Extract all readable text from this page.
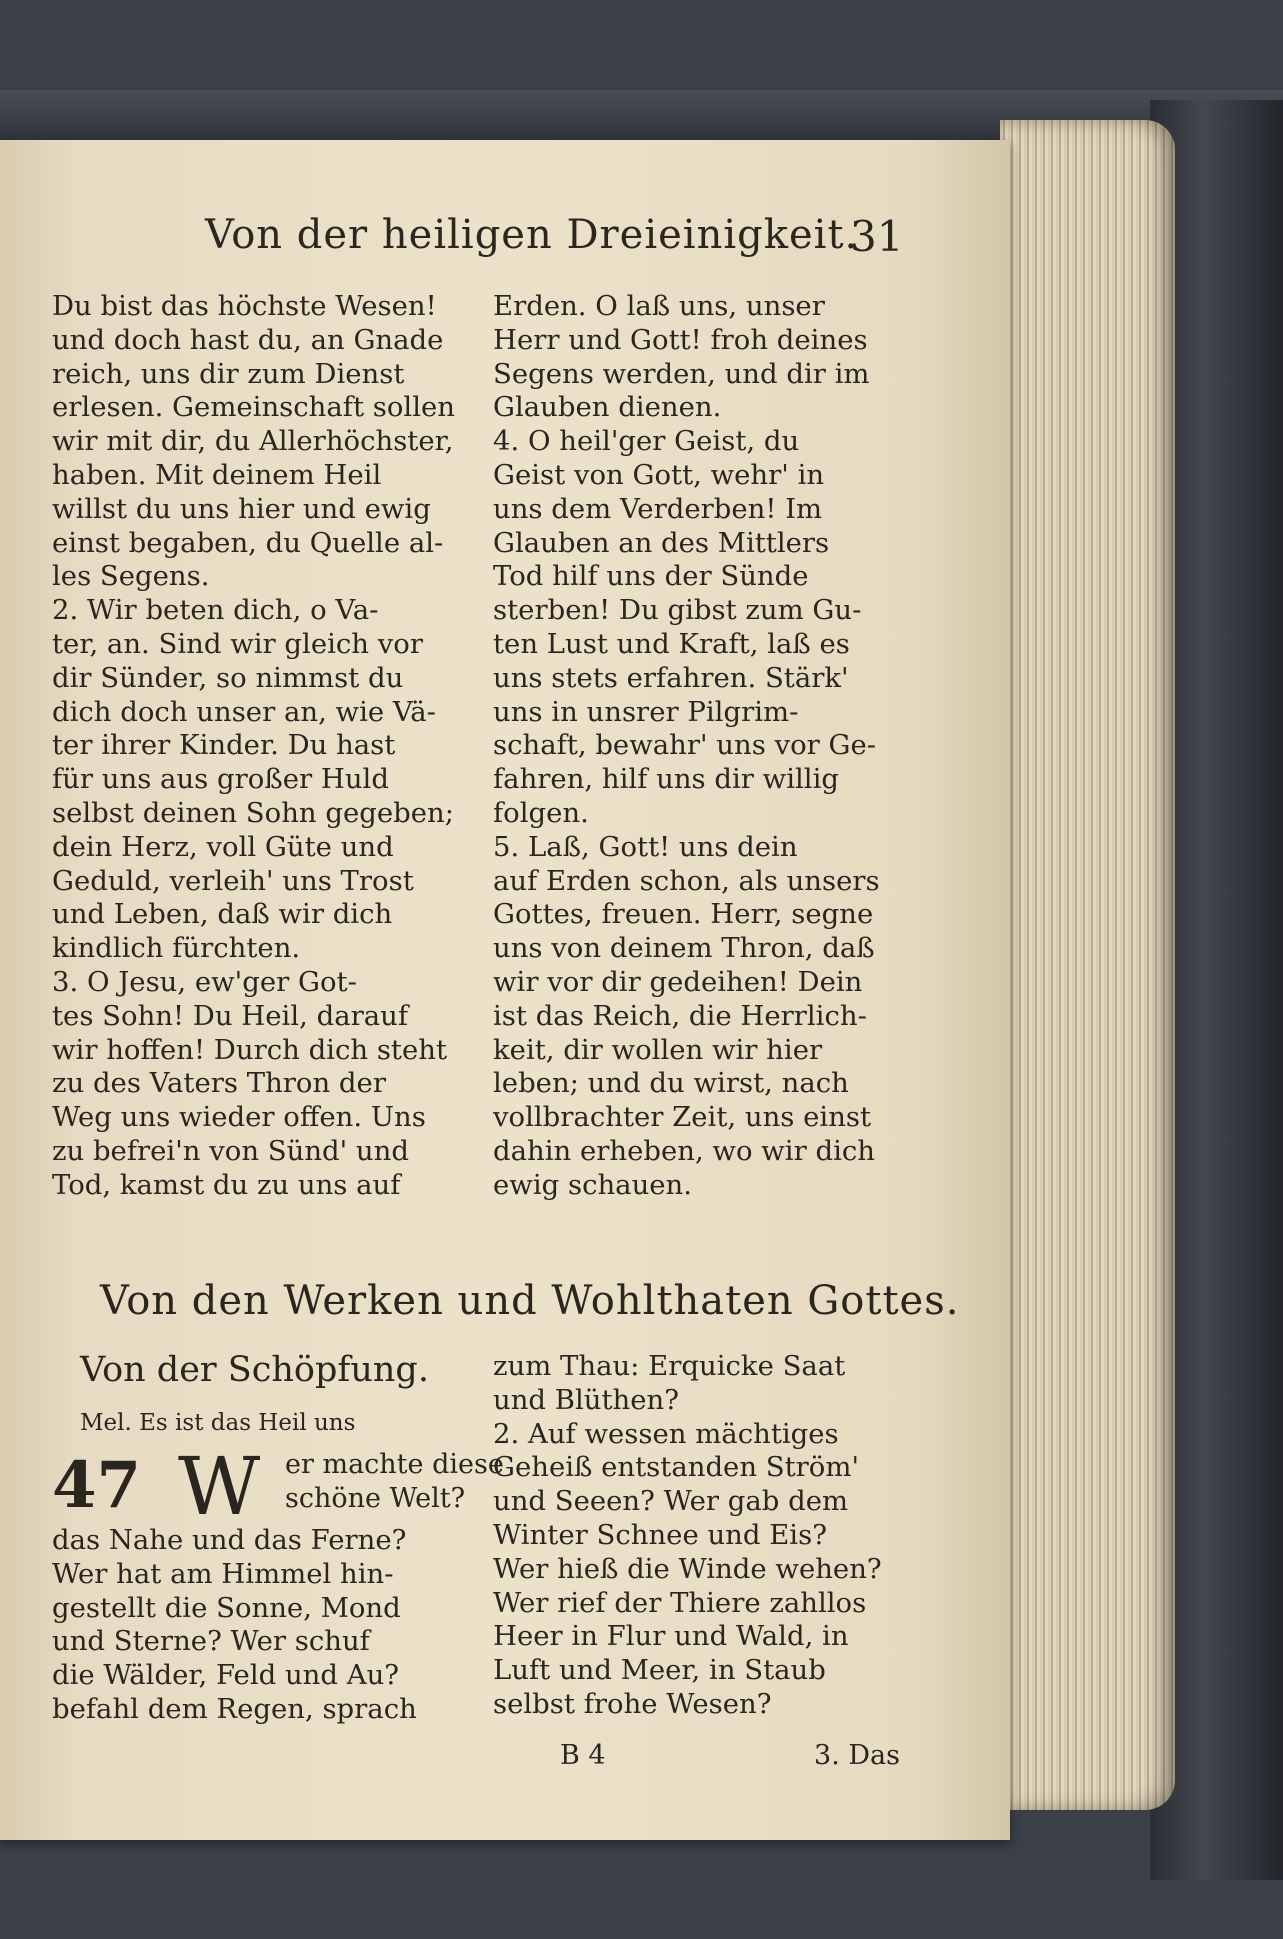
Von der heiligen Dreieinigkeit.
31
Du bist das höchste Wesen!
und doch hast du, an Gnade
reich, uns dir zum Dienst
erlesen. Gemeinschaft sollen
wir mit dir, du Allerhöchster,
haben. Mit deinem Heil
willst du uns hier und ewig
einst begaben, du Quelle al-
les Segens.
2. Wir beten dich, o Va-
ter, an. Sind wir gleich vor
dir Sünder, so nimmst du
dich doch unser an, wie Vä-
ter ihrer Kinder. Du hast
für uns aus großer Huld
selbst deinen Sohn gegeben;
dein Herz, voll Güte und
Geduld, verleih' uns Trost
und Leben, daß wir dich
kindlich fürchten.
3. O Jesu, ew'ger Got-
tes Sohn! Du Heil, darauf
wir hoffen! Durch dich steht
zu des Vaters Thron der
Weg uns wieder offen. Uns
zu befrei'n von Sünd' und
Tod, kamst du zu uns auf
Erden. O laß uns, unser
Herr und Gott! froh deines
Segens werden, und dir im
Glauben dienen.
4. O heil'ger Geist, du
Geist von Gott, wehr' in
uns dem Verderben! Im
Glauben an des Mittlers
Tod hilf uns der Sünde
sterben! Du gibst zum Gu-
ten Lust und Kraft, laß es
uns stets erfahren. Stärk'
uns in unsrer Pilgrim-
schaft, bewahr' uns vor Ge-
fahren, hilf uns dir willig
folgen.
5. Laß, Gott! uns dein
auf Erden schon, als unsers
Gottes, freuen. Herr, segne
uns von deinem Thron, daß
wir vor dir gedeihen! Dein
ist das Reich, die Herrlich-
keit, dir wollen wir hier
leben; und du wirst, nach
vollbrachter Zeit, uns einst
dahin erheben, wo wir dich
ewig schauen.
Von den Werken und Wohlthaten Gottes.
Von der Schöpfung.
Mel. Es ist das Heil uns
47 W er machte diese
schöne Welt?
das Nahe und das Ferne?
Wer hat am Himmel hin-
gestellt die Sonne, Mond
und Sterne? Wer schuf
die Wälder, Feld und Au?
befahl dem Regen, sprach
zum Thau: Erquicke Saat
und Blüthen?
2. Auf wessen mächtiges
Geheiß entstanden Ström'
und Seeen? Wer gab dem
Winter Schnee und Eis?
Wer hieß die Winde wehen?
Wer rief der Thiere zahllos
Heer in Flur und Wald, in
Luft und Meer, in Staub
selbst frohe Wesen?
B 4	3. Das
